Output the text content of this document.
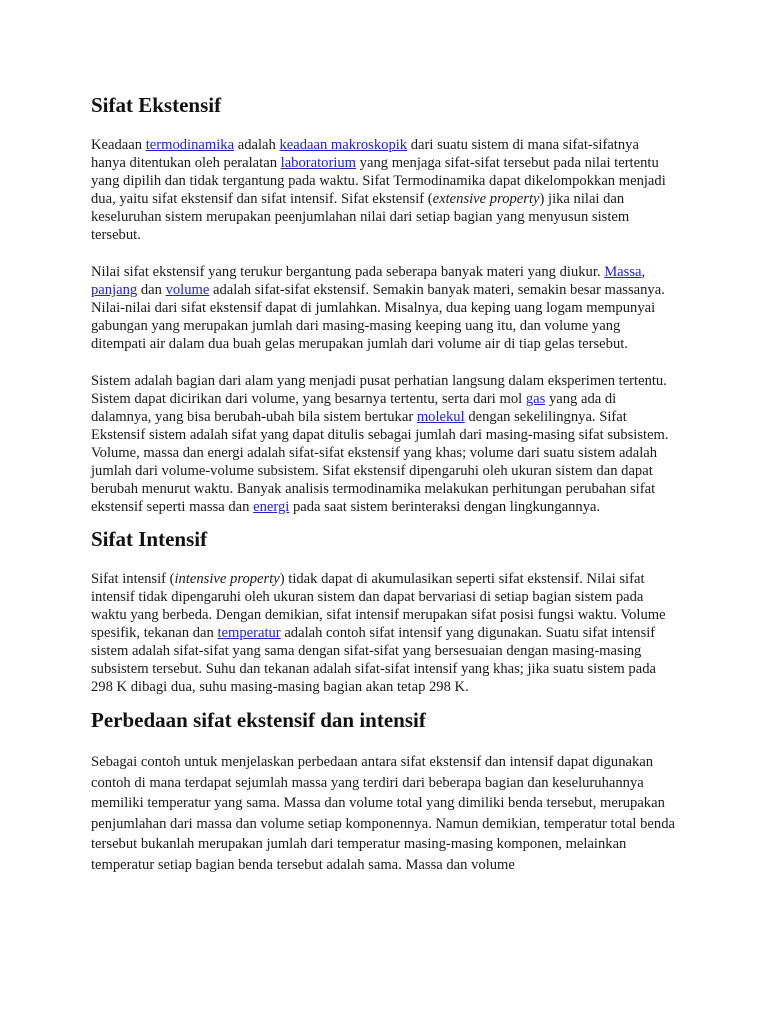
Sifat Ekstensif

Keadaan termodinamika adalah keadaan makroskopik dari suatu sistem di mana sifat-sifatnya hanya ditentukan oleh peralatan laboratorium yang menjaga sifat-sifat tersebut pada nilai tertentu yang dipilih dan tidak tergantung pada waktu. Sifat Termodinamika dapat dikelompokkan menjadi dua, yaitu sifat ekstensif dan sifat intensif. Sifat ekstensif (extensive property) jika nilai dan keseluruhan sistem merupakan peenjumlahan nilai dari setiap bagian yang menyusun sistem tersebut.

Nilai sifat ekstensif yang terukur bergantung pada seberapa banyak materi yang diukur. Massa, panjang dan volume adalah sifat-sifat ekstensif. Semakin banyak materi, semakin besar massanya. Nilai-nilai dari sifat ekstensif dapat di jumlahkan. Misalnya, dua keping uang logam mempunyai gabungan yang merupakan jumlah dari masing-masing keeping uang itu, dan volume yang ditempati air dalam dua buah gelas merupakan jumlah dari volume air di tiap gelas tersebut.

Sistem adalah bagian dari alam yang menjadi pusat perhatian langsung dalam eksperimen tertentu. Sistem dapat dicirikan dari volume, yang besarnya tertentu, serta dari mol gas yang ada di dalamnya, yang bisa berubah-ubah bila sistem bertukar molekul dengan sekelilingnya. Sifat Ekstensif sistem adalah sifat yang dapat ditulis sebagai jumlah dari masing-masing sifat subsistem. Volume, massa dan energi adalah sifat-sifat ekstensif yang khas; volume dari suatu sistem adalah jumlah dari volume-volume subsistem. Sifat ekstensif dipengaruhi oleh ukuran sistem dan dapat berubah menurut waktu. Banyak analisis termodinamika melakukan perhitungan perubahan sifat ekstensif seperti massa dan energi pada saat sistem berinteraksi dengan lingkungannya.

Sifat Intensif

Sifat intensif (intensive property) tidak dapat di akumulasikan seperti sifat ekstensif. Nilai sifat intensif tidak dipengaruhi oleh ukuran sistem dan dapat bervariasi di setiap bagian sistem pada waktu yang berbeda. Dengan demikian, sifat intensif merupakan sifat posisi fungsi waktu. Volume spesifik, tekanan dan temperatur adalah contoh sifat intensif yang digunakan. Suatu sifat intensif sistem adalah sifat-sifat yang sama dengan sifat-sifat yang bersesuaian dengan masing-masing subsistem tersebut. Suhu dan tekanan adalah sifat-sifat intensif yang khas; jika suatu sistem pada 298 K dibagi dua, suhu masing-masing bagian akan tetap 298 K.

Perbedaan sifat ekstensif dan intensif

Sebagai contoh untuk menjelaskan perbedaan antara sifat ekstensif dan intensif dapat digunakan contoh di mana terdapat sejumlah massa yang terdiri dari beberapa bagian dan keseluruhannya memiliki temperatur yang sama. Massa dan volume total yang dimiliki benda tersebut, merupakan penjumlahan dari massa dan volume setiap komponennya. Namun demikian, temperatur total benda tersebut bukanlah merupakan jumlah dari temperatur masing-masing komponen, melainkan temperatur setiap bagian benda tersebut adalah sama. Massa dan volume
